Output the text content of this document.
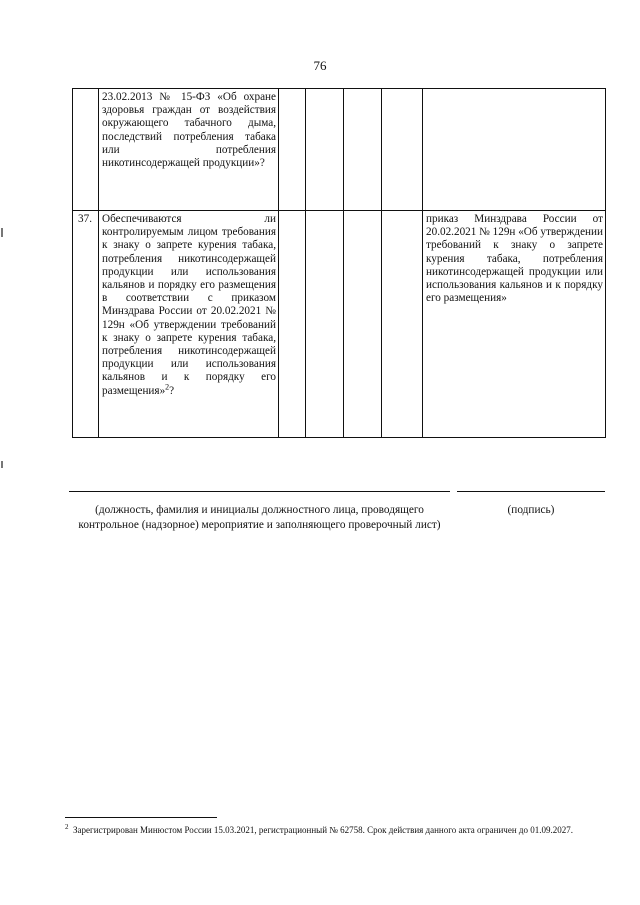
76
	23.02.2013 № 15-ФЗ «Об охране здоровья граждан от воздействия окружающего табачного дыма, последствий потребления табака или потребления никотинсодержащей продукции»?					
37.	Обеспечиваются ли контролируемым лицом требования к знаку о запрете курения табака, потребления никотинсодержащей продукции или использования кальянов и порядку его размещения в соответствии с приказом Минздрава России от 20.02.2021 № 129н «Об утверждении требований к знаку о запрете курения табака, потребления никотинсодержащей продукции или использования кальянов и к порядку его размещения»$^2$?					приказ Минздрава России от 20.02.2021 № 129н «Об утверждении требований к знаку о запрете курения табака, потребления никотинсодержащей продукции или использования кальянов и к порядку его размещения»
(должность, фамилия и инициалы должностного лица, проводящего контрольное (надзорное) мероприятие и заполняющего проверочный лист)
(подпись)
$^2$ Зарегистрирован Минюстом России 15.03.2021, регистрационный № 62758. Срок действия данного акта ограничен до 01.09.2027.
